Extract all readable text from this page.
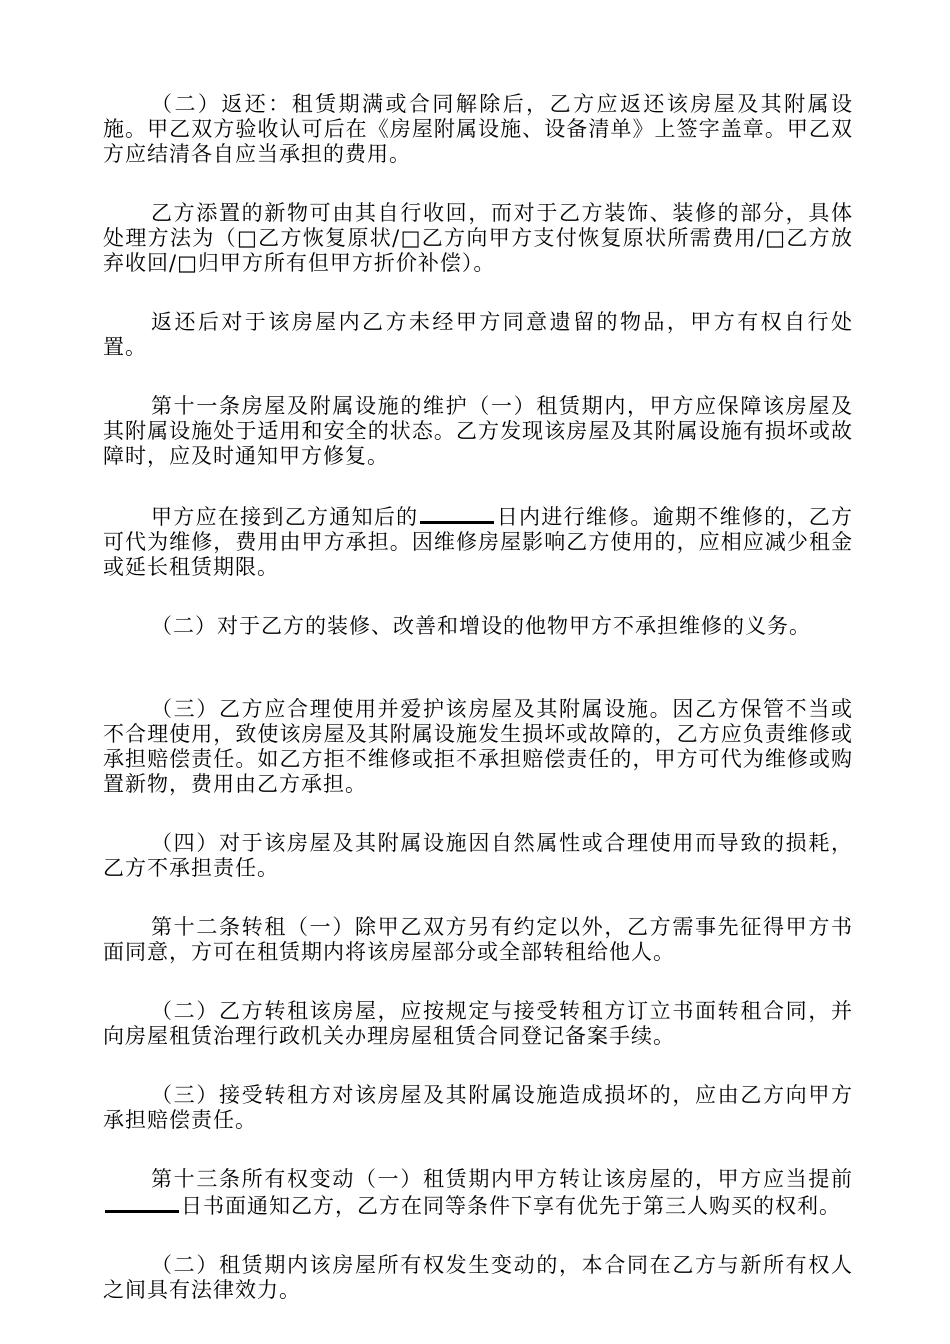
（二）返还：租赁期满或合同解除后，乙方应返还该房屋及其附属设施。甲乙双方验收认可后在《房屋附属设施、设备清单》上签字盖章。甲乙双方应结清各自应当承担的费用。

乙方添置的新物可由其自行收回，而对于乙方装饰、装修的部分，具体处理方法为（□乙方恢复原状/□乙方向甲方支付恢复原状所需费用/□乙方放弃收回/□归甲方所有但甲方折价补偿）。

返还后对于该房屋内乙方未经甲方同意遗留的物品，甲方有权自行处置。

第十一条房屋及附属设施的维护（一）租赁期内，甲方应保障该房屋及其附属设施处于适用和安全的状态。乙方发现该房屋及其附属设施有损坏或故障时，应及时通知甲方修复。

甲方应在接到乙方通知后的	日内进行维修。逾期不维修的，乙方可代为维修，费用由甲方承担。因维修房屋影响乙方使用的，应相应减少租金或延长租赁期限。

（二）对于乙方的装修、改善和增设的他物甲方不承担维修的义务。

（三）乙方应合理使用并爱护该房屋及其附属设施。因乙方保管不当或不合理使用，致使该房屋及其附属设施发生损坏或故障的，乙方应负责维修或承担赔偿责任。如乙方拒不维修或拒不承担赔偿责任的，甲方可代为维修或购置新物，费用由乙方承担。

（四）对于该房屋及其附属设施因自然属性或合理使用而导致的损耗，乙方不承担责任。

第十二条转租（一）除甲乙双方另有约定以外，乙方需事先征得甲方书面同意，方可在租赁期内将该房屋部分或全部转租给他人。

（二）乙方转租该房屋，应按规定与接受转租方订立书面转租合同，并向房屋租赁治理行政机关办理房屋租赁合同登记备案手续。

（三）接受转租方对该房屋及其附属设施造成损坏的，应由乙方向甲方承担赔偿责任。

第十三条所有权变动（一）租赁期内甲方转让该房屋的，甲方应当提前日书面通知乙方，乙方在同等条件下享有优先于第三人购买的权利。

（二）租赁期内该房屋所有权发生变动的，本合同在乙方与新所有权人之间具有法律效力。
